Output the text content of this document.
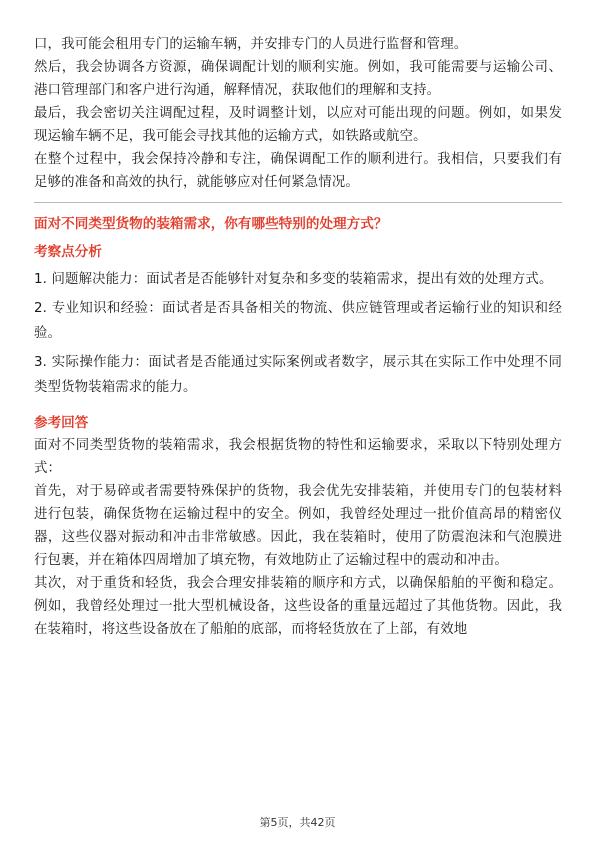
口，我可能会租用专门的运输车辆，并安排专门的人员进行监督和管理。

然后，我会协调各方资源，确保调配计划的顺利实施。例如，我可能需要与运输公司、港口管理部门和客户进行沟通，解释情况，获取他们的理解和支持。

最后，我会密切关注调配过程，及时调整计划，以应对可能出现的问题。例如，如果发现运输车辆不足，我可能会寻找其他的运输方式，如铁路或航空。

在整个过程中，我会保持冷静和专注，确保调配工作的顺利进行。我相信，只要我们有足够的准备和高效的执行，就能够应对任何紧急情况。

面对不同类型货物的装箱需求，你有哪些特别的处理方式？
考察点分析

1. 问题解决能力：面试者是否能够针对复杂和多变的装箱需求，提出有效的处理方式。

2. 专业知识和经验：面试者是否具备相关的物流、供应链管理或者运输行业的知识和经验。

3. 实际操作能力：面试者是否能通过实际案例或者数字，展示其在实际工作中处理不同类型货物装箱需求的能力。

参考回答

面对不同类型货物的装箱需求，我会根据货物的特性和运输要求，采取以下特别处理方式：

首先，对于易碎或者需要特殊保护的货物，我会优先安排装箱，并使用专门的包装材料进行包装，确保货物在运输过程中的安全。例如，我曾经处理过一批价值高昂的精密仪器，这些仪器对振动和冲击非常敏感。因此，我在装箱时，使用了防震泡沫和气泡膜进行包裹，并在箱体四周增加了填充物，有效地防止了运输过程中的震动和冲击。

其次，对于重货和轻货，我会合理安排装箱的顺序和方式，以确保船舶的平衡和稳定。例如，我曾经处理过一批大型机械设备，这些设备的重量远超过了其他货物。因此，我在装箱时，将这些设备放在了船舶的底部，而将轻货放在了上部，有效地

第5页，共42页
